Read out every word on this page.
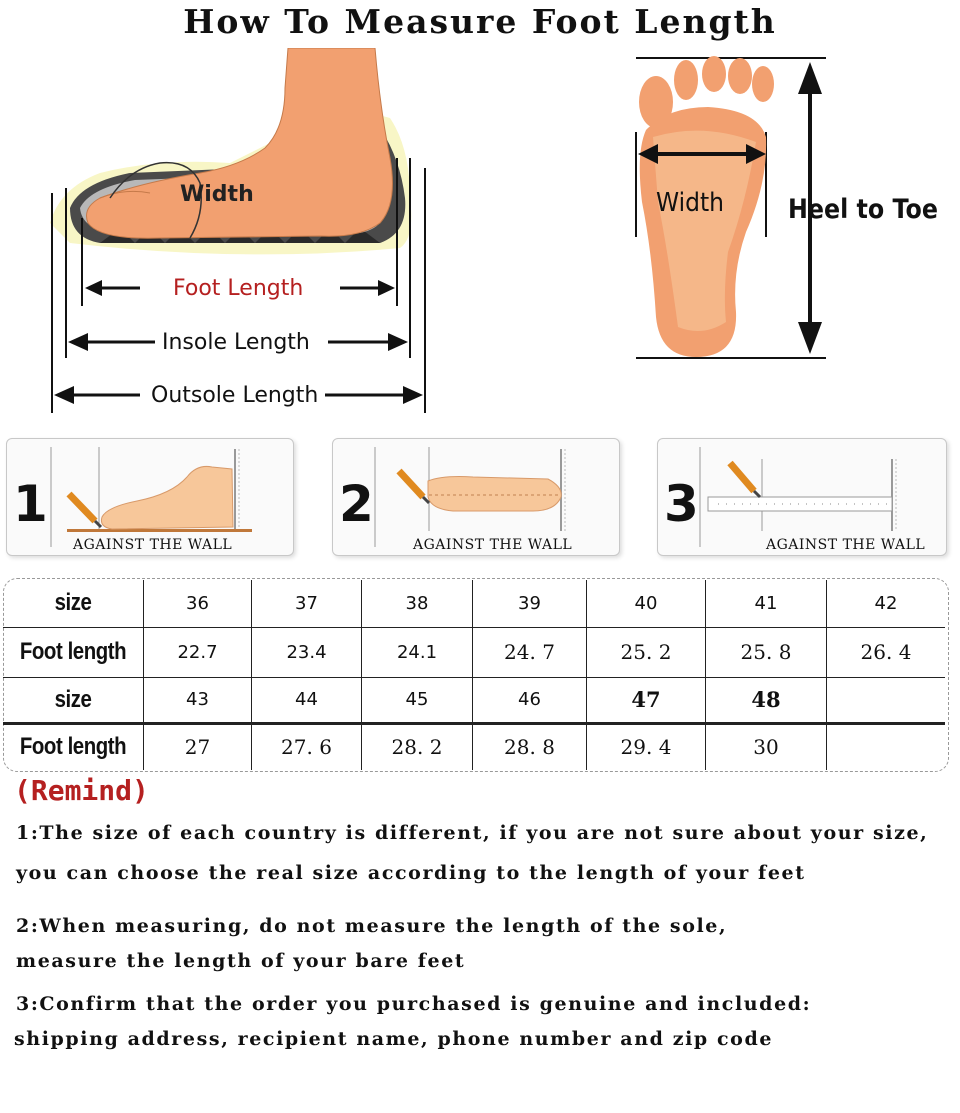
How To Measure Foot Length
Width
Foot Length
Insole Length
Outsole Length
Width Heel to Toe
1
AGAINST THE WALL
2
AGAINST THE WALL
3
AGAINST THE WALL
size	36	37	38	39	40	41	42
Foot length	22.7	23.4	24.1	24. 7	25. 2	25. 8	26. 4
size	43	44	45	46	47	48	
Foot length	27	27. 6	28. 2	28. 8	29. 4	30	
(Remind)
1:The size of each country is different, if you are not sure about your size,
you can choose the real size according to the length of your feet
2:When measuring, do not measure the length of the sole,
measure the length of your bare feet
3:Confirm that the order you purchased is genuine and included:
shipping address, recipient name, phone number and zip code
